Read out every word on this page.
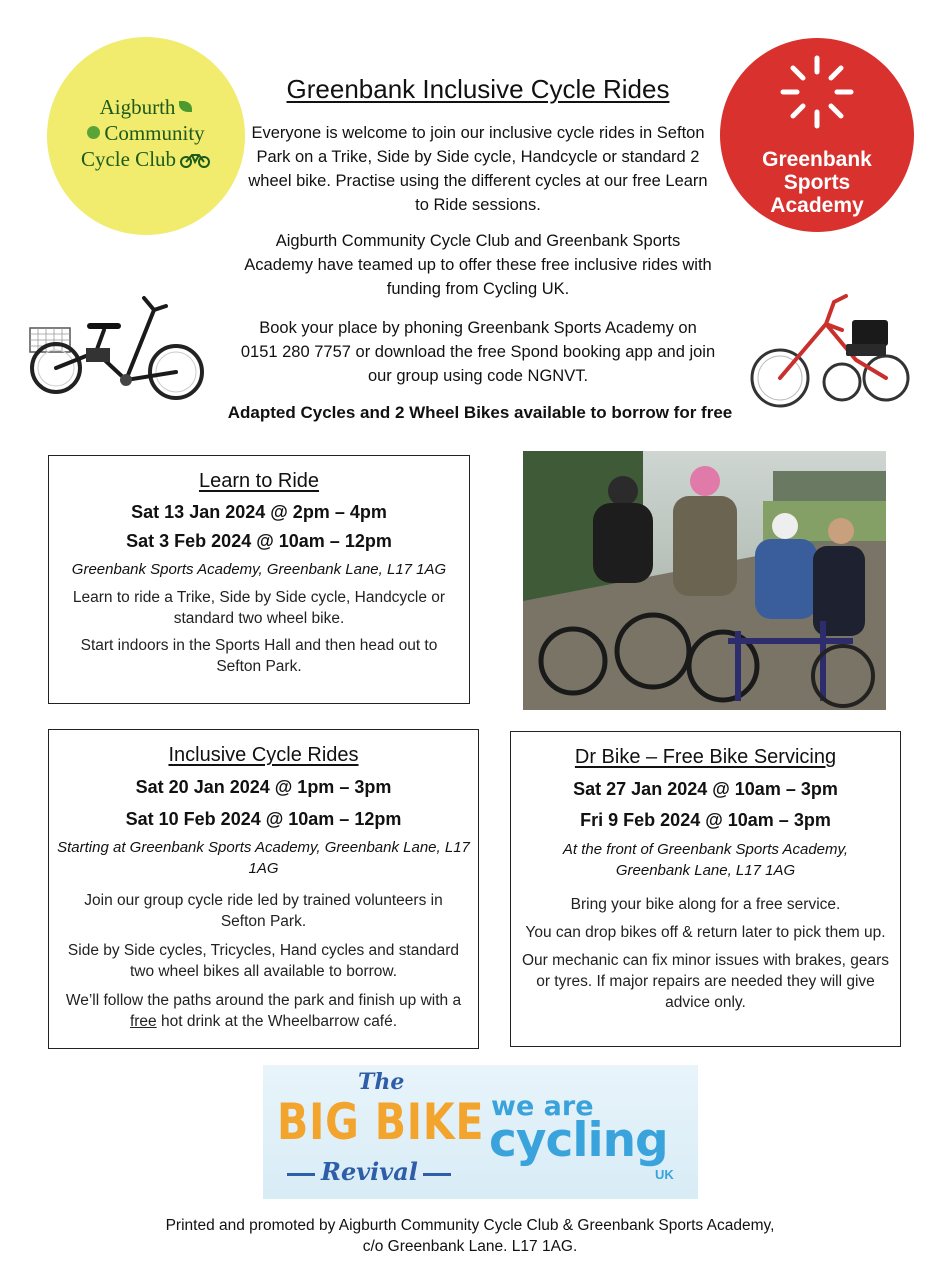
Aigburth
Community
Cycle Club	Greenbank
Sports
Academy
Greenbank Inclusive Cycle Rides

Everyone is welcome to join our inclusive cycle rides in Sefton Park on a Trike, Side by Side cycle, Handcycle or standard 2 wheel bike. Practise using the different cycles at our free Learn to Ride sessions.

Aigburth Community Cycle Club and Greenbank Sports Academy have teamed up to offer these free inclusive rides with funding from Cycling UK.

Book your place by phoning Greenbank Sports Academy on 0151 280 7757 or download the free Spond booking app and join our group using code NGNVT.

Adapted Cycles and 2 Wheel Bikes available to borrow for free
Learn to Ride
Sat 13 Jan 2024 @ 2pm – 4pm
Sat 3 Feb 2024 @ 10am – 12pm
Greenbank Sports Academy, Greenbank Lane, L17 1AG
Learn to ride a Trike, Side by Side cycle, Handcycle or standard two wheel bike.
Start indoors in the Sports Hall and then head out to Sefton Park.
Inclusive Cycle Rides
Sat 20 Jan 2024 @ 1pm – 3pm
Sat 10 Feb 2024 @ 10am – 12pm
Starting at Greenbank Sports Academy, Greenbank Lane, L17 1AG
Join our group cycle ride led by trained volunteers in Sefton Park.
Side by Side cycles, Tricycles, Hand cycles and standard two wheel bikes all available to borrow.
We’ll follow the paths around the park and finish up with a free hot drink at the Wheelbarrow café.
Dr Bike – Free Bike Servicing
Sat 27 Jan 2024 @ 10am – 3pm
Fri 9 Feb 2024 @ 10am – 3pm
At the front of Greenbank Sports Academy, Greenbank Lane, L17 1AG
Bring your bike along for a free service.
You can drop bikes off & return later to pick them up.
Our mechanic can fix minor issues with brakes, gears or tyres. If major repairs are needed they will give advice only.
The
BIG BIKE
Revival
we are
cycling
UK
Printed and promoted by Aigburth Community Cycle Club & Greenbank Sports Academy, c/o Greenbank Lane. L17 1AG.
